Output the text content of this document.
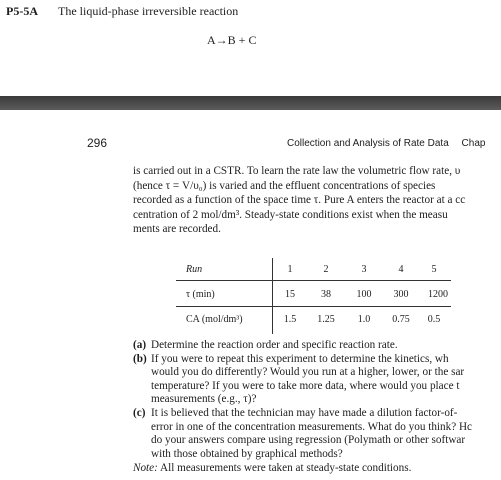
P5-5A The liquid-phase irreversible reaction
A→B + C
296	Collection and Analysis of Rate Data Chap
is carried out in a CSTR. To learn the rate law the volumetric flow rate, υ
(hence τ = V/υ₀) is varied and the effluent concentrations of species
recorded as a function of the space time τ. Pure A enters the reactor at a cc
centration of 2 mol/dm³. Steady-state conditions exist when the measu
ments are recorded.
Run	1	2	3	4	5
τ (min)	15	38	100	300	1200
CA (mol/dm³)	1.5	1.25	1.0	0.75	0.5
(a) Determine the reaction order and specific reaction rate.
(b) If you were to repeat this experiment to determine the kinetics, wh
would you do differently? Would you run at a higher, lower, or the sar
temperature? If you were to take more data, where would you place t
measurements (e.g., τ)?
(c) It is believed that the technician may have made a dilution factor-of-
error in one of the concentration measurements. What do you think? Hc
do your answers compare using regression (Polymath or other softwar
with those obtained by graphical methods?
Note: All measurements were taken at steady-state conditions.
